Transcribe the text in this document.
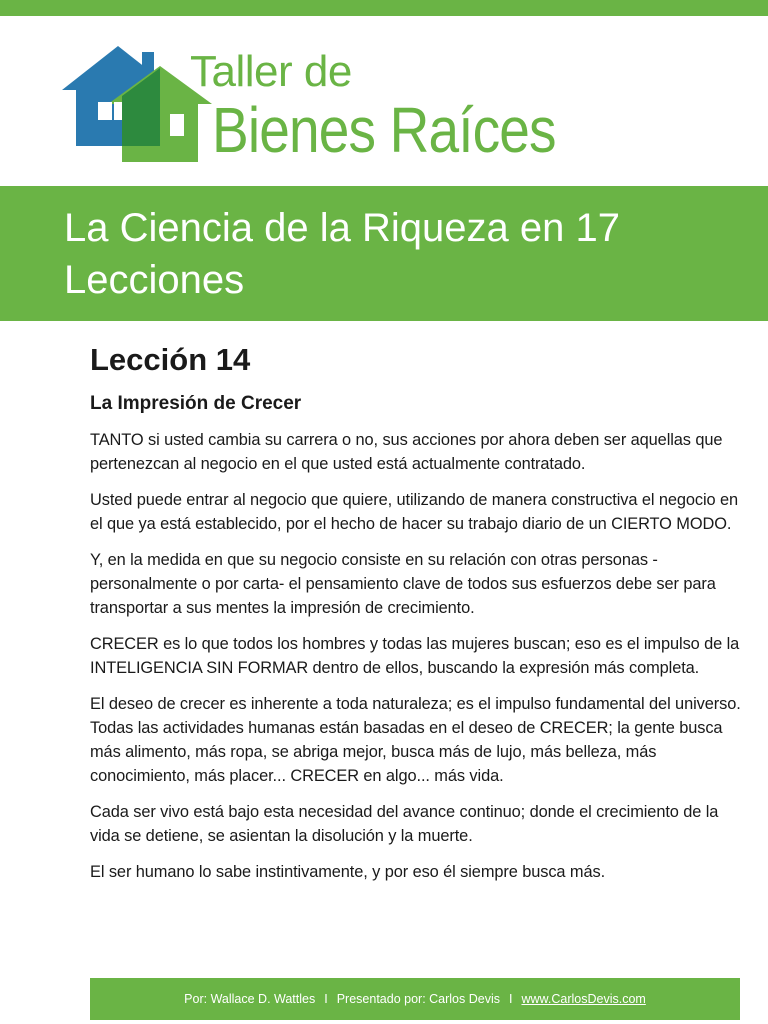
Taller de
Bienes Raíces
La Ciencia de la Riqueza en 17 Lecciones
Lección 14
La Impresión de Crecer

TANTO si usted cambia su carrera o no, sus acciones por ahora deben ser aquellas que pertenezcan al negocio en el que usted está actualmente contratado.

Usted puede entrar al negocio que quiere, utilizando de manera constructiva el negocio en el que ya está establecido, por el hecho de hacer su trabajo diario de un CIERTO MODO.

Y, en la medida en que su negocio consiste en su relación con otras personas - personalmente o por carta- el pensamiento clave de todos sus esfuerzos debe ser para transportar a sus mentes la impresión de crecimiento.

CRECER es lo que todos los hombres y todas las mujeres buscan; eso es el impulso de la INTELIGENCIA SIN FORMAR dentro de ellos, buscando la expresión más completa.

El deseo de crecer es inherente a toda naturaleza; es el impulso fundamental del universo. Todas las actividades humanas están basadas en el deseo de CRECER; la gente busca más alimento, más ropa, se abriga mejor, busca más de lujo, más belleza, más conocimiento, más placer... CRECER en algo... más vida.

Cada ser vivo está bajo esta necesidad del avance continuo; donde el crecimiento de la vida se detiene, se asientan la disolución y la muerte.

El ser humano lo sabe instintivamente, y por eso él siempre busca más.

Por: Wallace D. Wattles I Presentado por: Carlos Devis I www.CarlosDevis.com
